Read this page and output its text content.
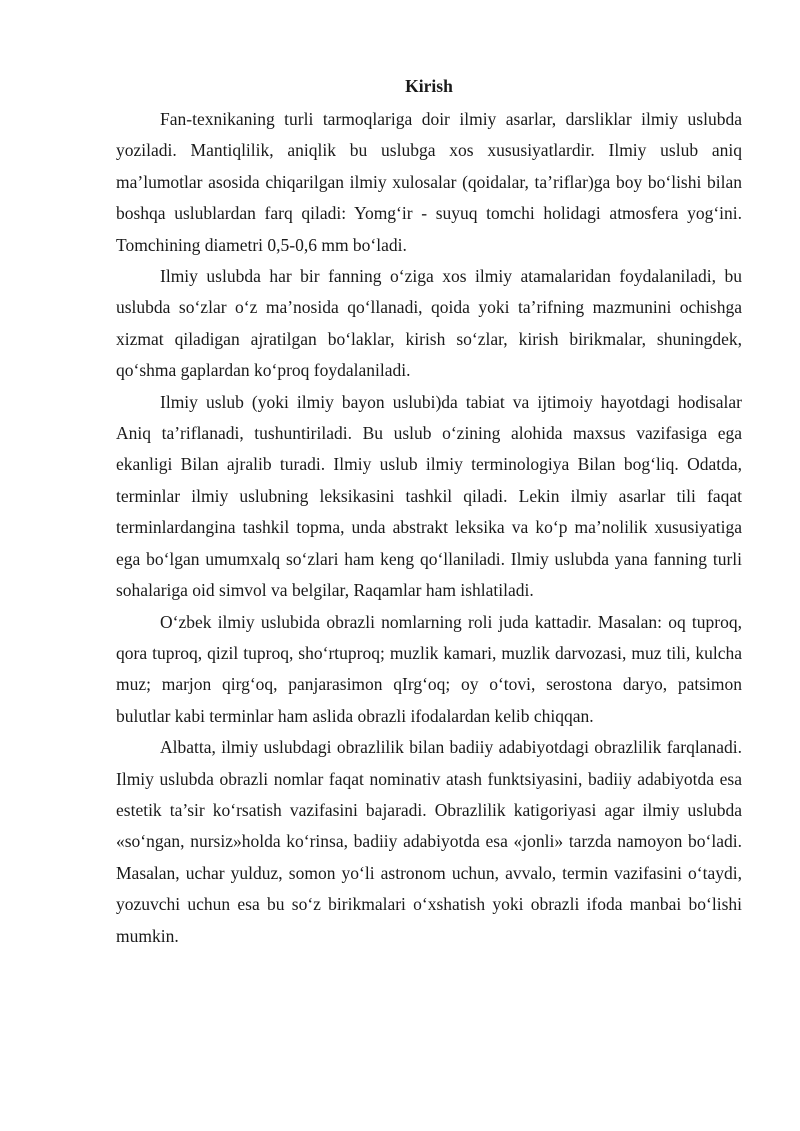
Kirish

Fan-texnikaning turli tarmoqlariga doir ilmiy asarlar, darsliklar ilmiy uslubda yoziladi. Mantiqlilik, aniqlik bu uslubga xos xususiyatlardir. Ilmiy uslub aniq ma’lumotlar asosida chiqarilgan ilmiy xulosalar (qoidalar, ta’riflar)ga boy bo‘lishi bilan boshqa uslublardan farq qiladi: Yomg‘ir - suyuq tomchi holidagi atmosfera yog‘ini. Tomchining diametri 0,5-0,6 mm bo‘ladi.

Ilmiy uslubda har bir fanning o‘ziga xos ilmiy atamalaridan foydalaniladi, bu uslubda so‘zlar o‘z ma’nosida qo‘llanadi, qoida yoki ta’rifning mazmunini ochishga xizmat qiladigan ajratilgan bo‘laklar, kirish so‘zlar, kirish birikmalar, shuningdek, qo‘shma gaplardan ko‘proq foydalaniladi.

Ilmiy uslub (yoki ilmiy bayon uslubi)da tabiat va ijtimoiy hayotdagi hodisalar Aniq ta’riflanadi, tushuntiriladi. Bu uslub o‘zining alohida maxsus vazifasiga ega ekanligi Bilan ajralib turadi. Ilmiy uslub ilmiy terminologiya Bilan bog‘liq. Odatda, terminlar ilmiy uslubning leksikasini tashkil qiladi. Lekin ilmiy asarlar tili faqat terminlardangina tashkil topma, unda abstrakt leksika va ko‘p ma’nolilik xususiyatiga ega bo‘lgan umumxalq so‘zlari ham keng qo‘llaniladi. Ilmiy uslubda yana fanning turli sohalariga oid simvol va belgilar, Raqamlar ham ishlatiladi.

O‘zbek ilmiy uslubida obrazli nomlarning roli juda kattadir. Masalan: oq tuproq, qora tuproq, qizil tuproq, sho‘rtuproq; muzlik kamari, muzlik darvozasi, muz tili, kulcha muz; marjon qirg‘oq, panjarasimon qIrg‘oq; oy o‘tovi, serostona daryo, patsimon bulutlar kabi terminlar ham aslida obrazli ifodalardan kelib chiqqan.

Albatta, ilmiy uslubdagi obrazlilik bilan badiiy adabiyotdagi obrazlilik farqlanadi. Ilmiy uslubda obrazli nomlar faqat nominativ atash funktsiyasini, badiiy adabiyotda esa estetik ta’sir ko‘rsatish vazifasini bajaradi. Obrazlilik katigoriyasi agar ilmiy uslubda «so‘ngan, nursiz»holda ko‘rinsa, badiiy adabiyotda esa «jonli» tarzda namoyon bo‘ladi. Masalan, uchar yulduz, somon yo‘li astronom uchun, avvalo, termin vazifasini o‘taydi, yozuvchi uchun esa bu so‘z birikmalari o‘xshatish yoki obrazli ifoda manbai bo‘lishi mumkin.
